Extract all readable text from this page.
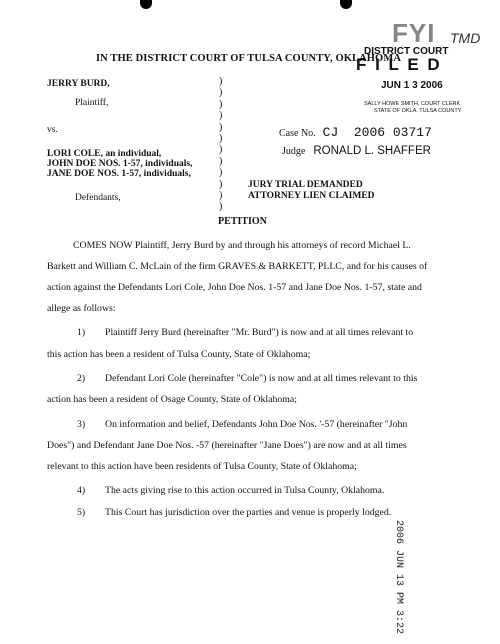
IN THE DISTRICT COURT OF TULSA COUNTY, OKLAHOMA
FYI TMD
DISTRICT COURT
F I L E D
JUN 1 3 2006
SALLY HOWE SMITH, COURT CLERK
STATE OF OKLA. TULSA COUNTY
JERRY BURD,
Plaintiff,
vs.
LORI COLE, an individual,
JOHN DOE NOS. 1-57, individuals,
JANE DOE NOS. 1-57, individuals,
Defendants,
)
)
)
)
)
)
)
)
)
)
)
)
Case No. CJ  2006 03717
Judge RONALD L. SHAFFER
JURY TRIAL DEMANDED
ATTORNEY LIEN CLAIMED
PETITION
COMES NOW Plaintiff, Jerry Burd by and through his attorneys of record Michael L.
Barkett and William C. McLain of the firm GRAVES & BARKETT, PLLC, and for his causes of
action against the Defendants Lori Cole, John Doe Nos. 1-57 and Jane Doe Nos. 1-57, state and
allege as follows:
1) Plaintiff Jerry Burd (hereinafter "Mr. Burd") is now and at all times relevant to
this action has been a resident of Tulsa County, State of Oklahoma;
2) Defendant Lori Cole (hereinafter "Cole") is now and at all times relevant to this
action has been a resident of Osage County, State of Oklahoma;
3) On information and belief, Defendants John Doe Nos. '-57 (hereinafter "John
Does") and Defendant Jane Doe Nos. -57 (hereinafter "Jane Does") are now and at all times
relevant to this action have been residents of Tulsa County, State of Oklahoma;
4) The acts giving rise to this action occurred in Tulsa County, Oklahoma.
5) This Court has jurisdiction over the parties and venue is properly lodged.
2006 JUN 13 PM 3:22
